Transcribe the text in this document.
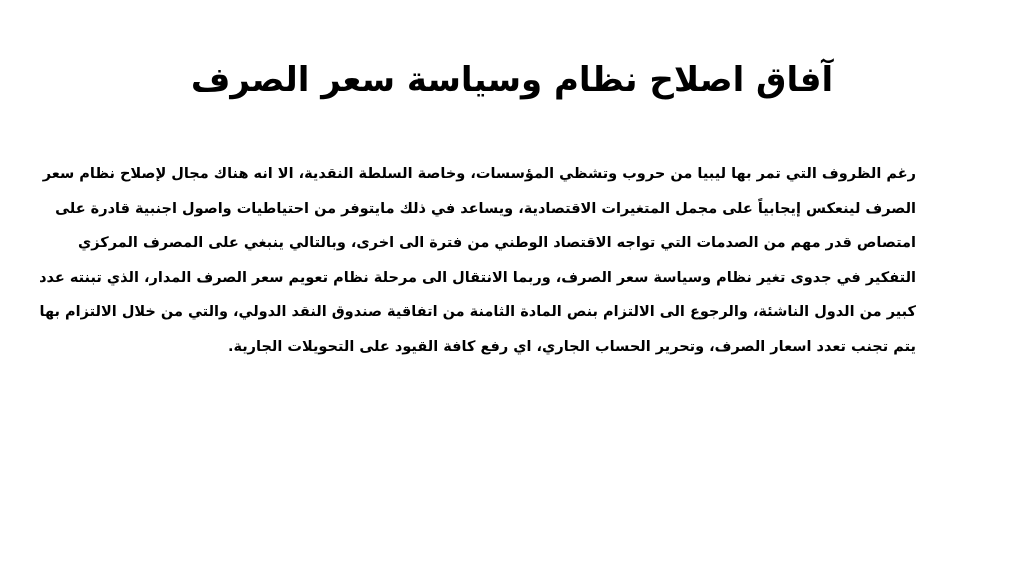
آفاق اصلاح نظام وسياسة سعر الصرف
رغم الظروف التي تمر بها ليبيا من حروب وتشظي المؤسسات، وخاصة السلطة النقدية، الا انه هناك مجال لإصلاح نظام سعر
الصرف لينعكس إيجابياً على مجمل المتغيرات الاقتصادية، ويساعد في ذلك مايتوفر من احتياطيات واصول اجنبية قادرة على
امتصاص قدر مهم من الصدمات التي تواجه الاقتصاد الوطني من فترة الى اخرى، وبالتالي ينبغي على المصرف المركزي
التفكير في جدوى تغير نظام وسياسة سعر الصرف، وربما الانتقال الى مرحلة نظام تعويم سعر الصرف المدار، الذي تبنته عدد
كبير من الدول الناشئة، والرجوع الى الالتزام بنص المادة الثامنة من اتفاقية صندوق النقد الدولي، والتي من خلال الالتزام بها
يتم تجنب تعدد اسعار الصرف، وتحرير الحساب الجاري، اي رفع كافة القيود على التحويلات الجارية.
